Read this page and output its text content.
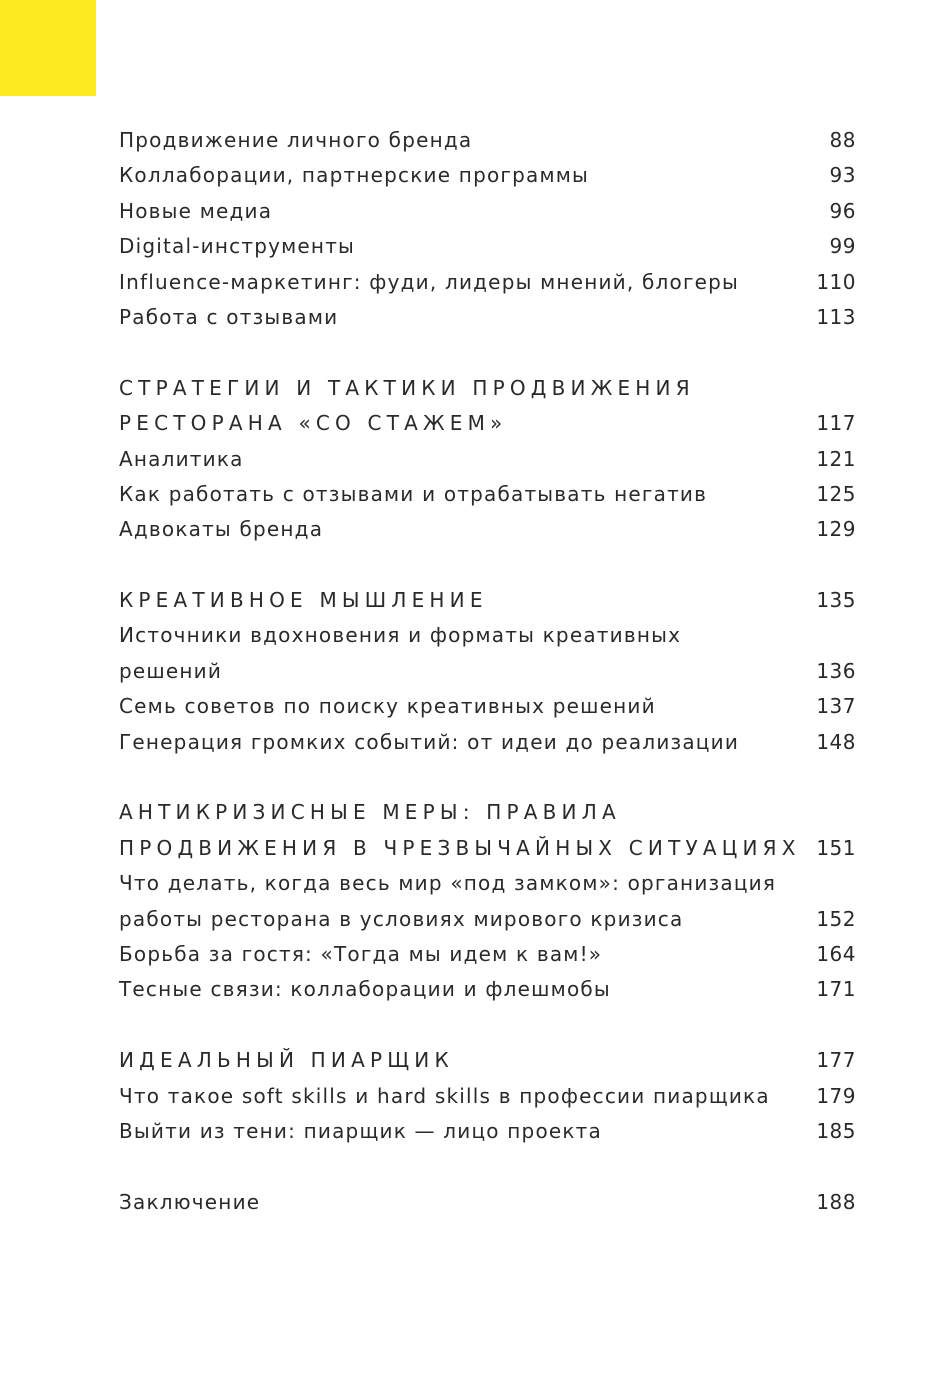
Продвижение личного бренда	88
Коллаборации, партнерские программы	93
Новые медиа	96
Digital-инструменты	99
Influence-маркетинг: фуди, лидеры мнений, блогеры	110
Работа с отзывами	113
СТРАТЕГИИ И ТАКТИКИ ПРОДВИЖЕНИЯ
РЕСТОРАНА «СО СТАЖЕМ»	117
Аналитика	121
Как работать с отзывами и отрабатывать негатив	125
Адвокаты бренда	129
КРЕАТИВНОЕ МЫШЛЕНИЕ	135
Источники вдохновения и форматы креативных
решений	136
Семь советов по поиску креативных решений	137
Генерация громких событий: от идеи до реализации	148
АНТИКРИЗИСНЫЕ МЕРЫ: ПРАВИЛА
ПРОДВИЖЕНИЯ В ЧРЕЗВЫЧАЙНЫХ СИТУАЦИЯХ 151
Что делать, когда весь мир «под замком»: организация
работы ресторана в условиях мирового кризиса	152
Борьба за гостя: «Тогда мы идем к вам!»	164
Тесные связи: коллаборации и флешмобы	171
ИДЕАЛЬНЫЙ ПИАРЩИК	177
Что такое soft skills и hard skills в профессии пиарщика	179
Выйти из тени: пиарщик — лицо проекта	185
Заключение	188
